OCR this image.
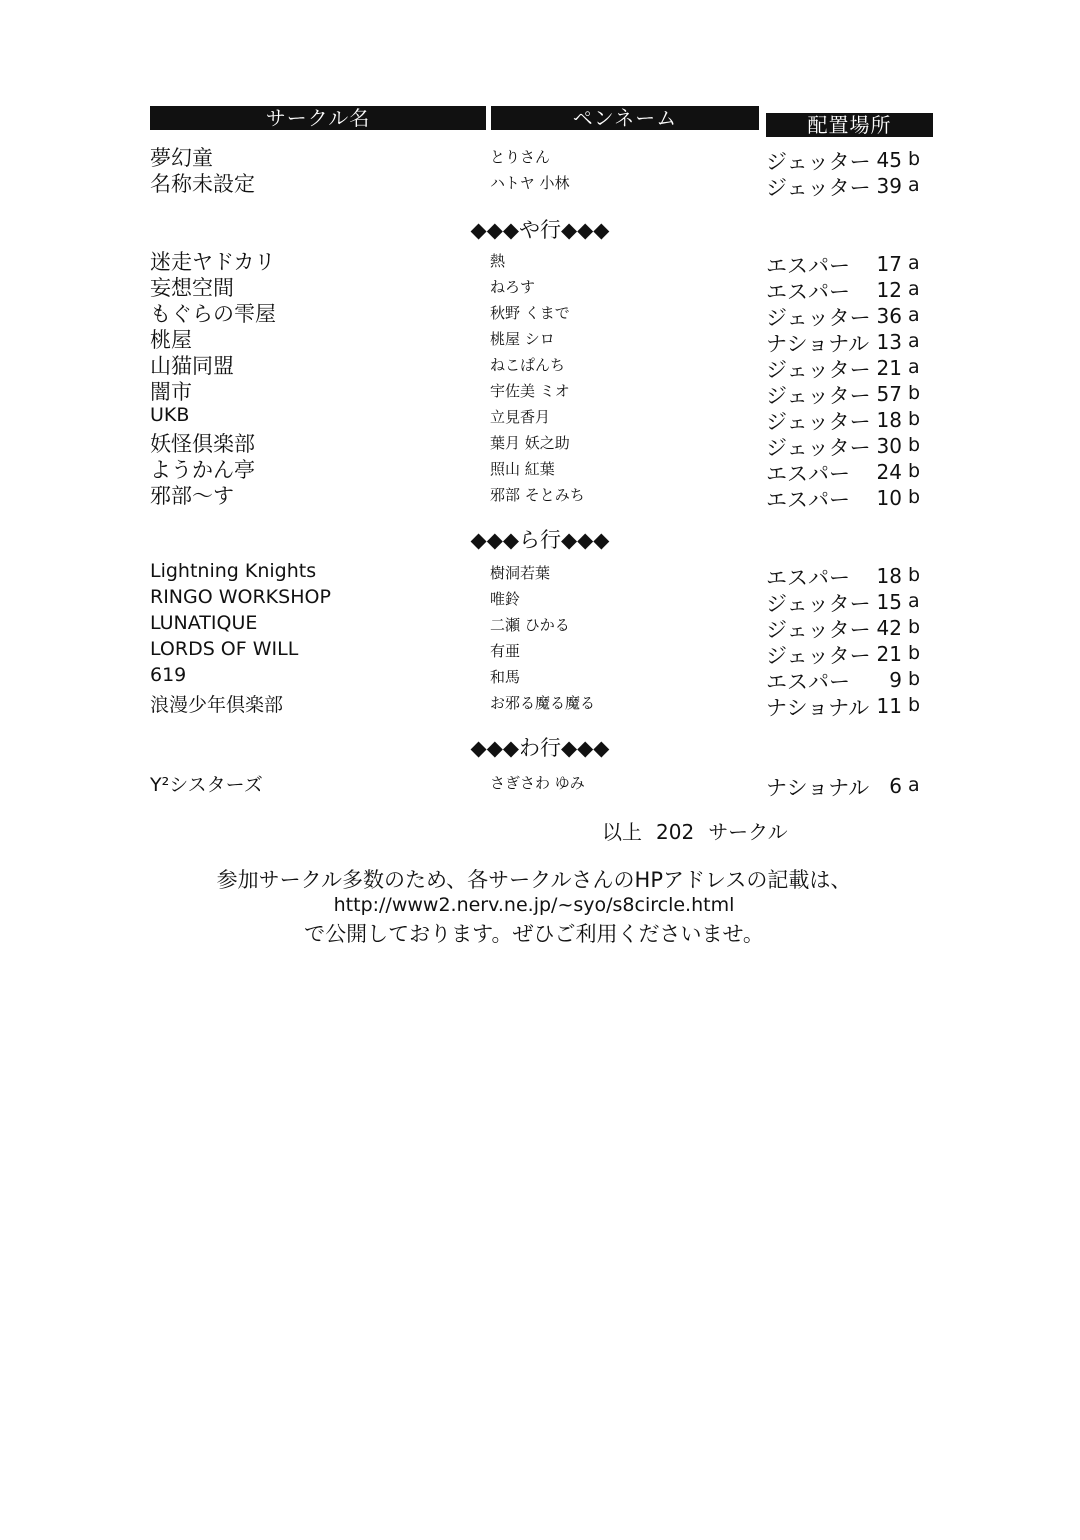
サークル名	ペンネーム	配置場所
夢幻童	とりさん	ジェッター 45 b
名称未設定	ハトヤ 小林	ジェッター 39 a
◆◆◆や行◆◆◆
迷走ヤドカリ	熱	エスパー	17 a
妄想空間	ねろす	エスパー	12 a
もぐらの雫屋	秋野 くまで	ジェッター 36 a
桃屋	桃屋 シロ	ナショナル 13 a
山猫同盟	ねこぱんち	ジェッター 21 a
闇市	宇佐美 ミオ	ジェッター 57 b
UKB	立見香月	ジェッター 18 b
妖怪倶楽部	葉月 妖之助	ジェッター 30 b
ようかん亭	照山 紅葉	エスパー	24 b
邪部～す	邪部 そとみち	エスパー	10 b
◆◆◆ら行◆◆◆
Lightning Knights	樹洞若葉	エスパー	18 b
RINGO WORKSHOP	唯鈴	ジェッター 15 a
LUNATIQUE	二瀬 ひかる	ジェッター 42 b
LORDS OF WILL	有亜	ジェッター 21 b
619	和馬	エスパー	9 b
浪漫少年倶楽部	お邪る魔る魔る	ナショナル 11 b
◆◆◆わ行◆◆◆
Y²シスターズ	さぎさわ ゆみ	ナショナル	6 a
以上 202 サークル
参加サークル多数のため、各サークルさんのHPアドレスの記載は、
http://www2.nerv.ne.jp/~syo/s8circle.html
で公開しております。ぜひご利用くださいませ。
